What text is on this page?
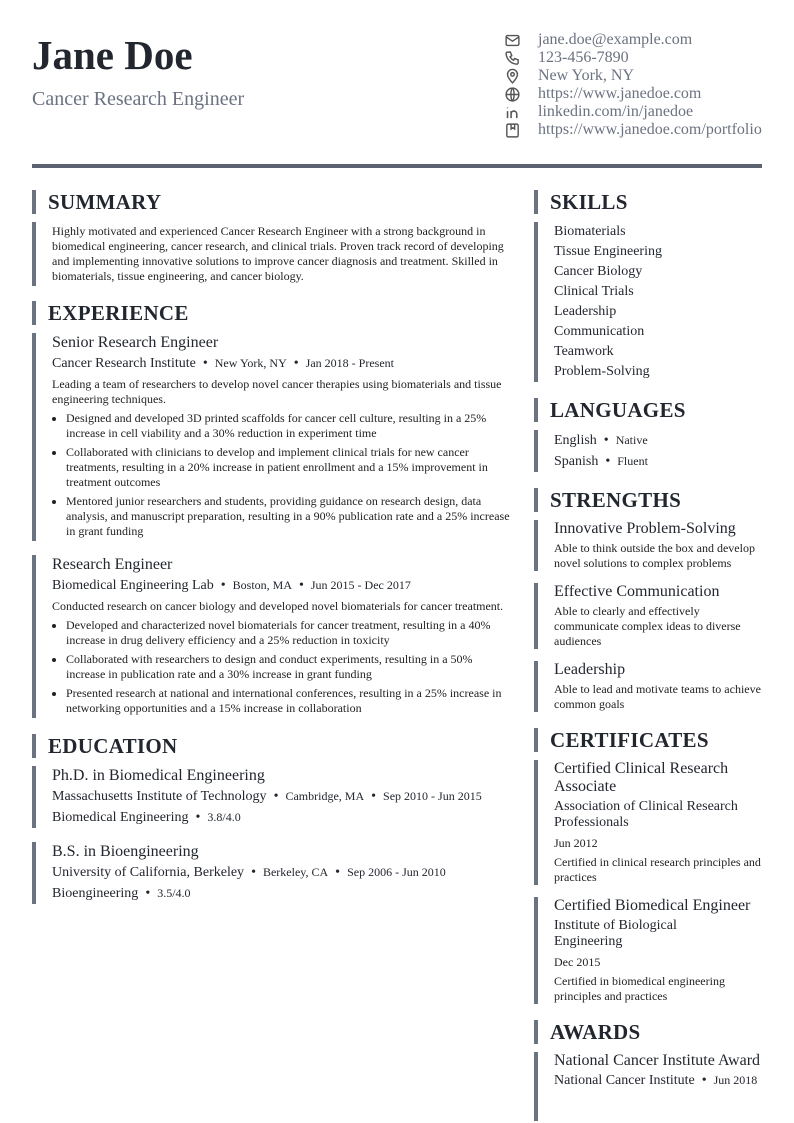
Jane Doe
Cancer Research Engineer
jane.doe@example.com
123-456-7890
New York, NY
https://www.janedoe.com
linkedin.com/in/janedoe
https://www.janedoe.com/portfolio
SUMMARY
Highly motivated and experienced Cancer Research Engineer with a strong background in biomedical engineering, cancer research, and clinical trials. Proven track record of developing and implementing innovative solutions to improve cancer diagnosis and treatment. Skilled in biomaterials, tissue engineering, and cancer biology.
EXPERIENCE
Senior Research Engineer
Cancer Research Institute • New York, NY • Jan 2018 - Present
Leading a team of researchers to develop novel cancer therapies using biomaterials and tissue engineering techniques.
• Designed and developed 3D printed scaffolds for cancer cell culture, resulting in a 25% increase in cell viability and a 30% reduction in experiment time
• Collaborated with clinicians to develop and implement clinical trials for new cancer treatments, resulting in a 20% increase in patient enrollment and a 15% improvement in treatment outcomes
• Mentored junior researchers and students, providing guidance on research design, data analysis, and manuscript preparation, resulting in a 90% publication rate and a 25% increase in grant funding
Research Engineer
Biomedical Engineering Lab • Boston, MA • Jun 2015 - Dec 2017
Conducted research on cancer biology and developed novel biomaterials for cancer treatment.
• Developed and characterized novel biomaterials for cancer treatment, resulting in a 40% increase in drug delivery efficiency and a 25% reduction in toxicity
• Collaborated with researchers to design and conduct experiments, resulting in a 50% increase in publication rate and a 30% increase in grant funding
• Presented research at national and international conferences, resulting in a 25% increase in networking opportunities and a 15% increase in collaboration
EDUCATION
Ph.D. in Biomedical Engineering
Massachusetts Institute of Technology • Cambridge, MA • Sep 2010 - Jun 2015
Biomedical Engineering • 3.8/4.0
B.S. in Bioengineering
University of California, Berkeley • Berkeley, CA • Sep 2006 - Jun 2010
Bioengineering • 3.5/4.0
SKILLS
Biomaterials
Tissue Engineering
Cancer Biology
Clinical Trials
Leadership
Communication
Teamwork
Problem-Solving
LANGUAGES
English • Native
Spanish • Fluent
STRENGTHS
Innovative Problem-Solving
Able to think outside the box and develop novel solutions to complex problems
Effective Communication
Able to clearly and effectively communicate complex ideas to diverse audiences
Leadership
Able to lead and motivate teams to achieve common goals
CERTIFICATES
Certified Clinical Research Associate
Association of Clinical Research Professionals
Jun 2012
Certified in clinical research principles and practices
Certified Biomedical Engineer
Institute of Biological Engineering
Dec 2015
Certified in biomedical engineering principles and practices
AWARDS
National Cancer Institute Award
National Cancer Institute • Jun 2018
